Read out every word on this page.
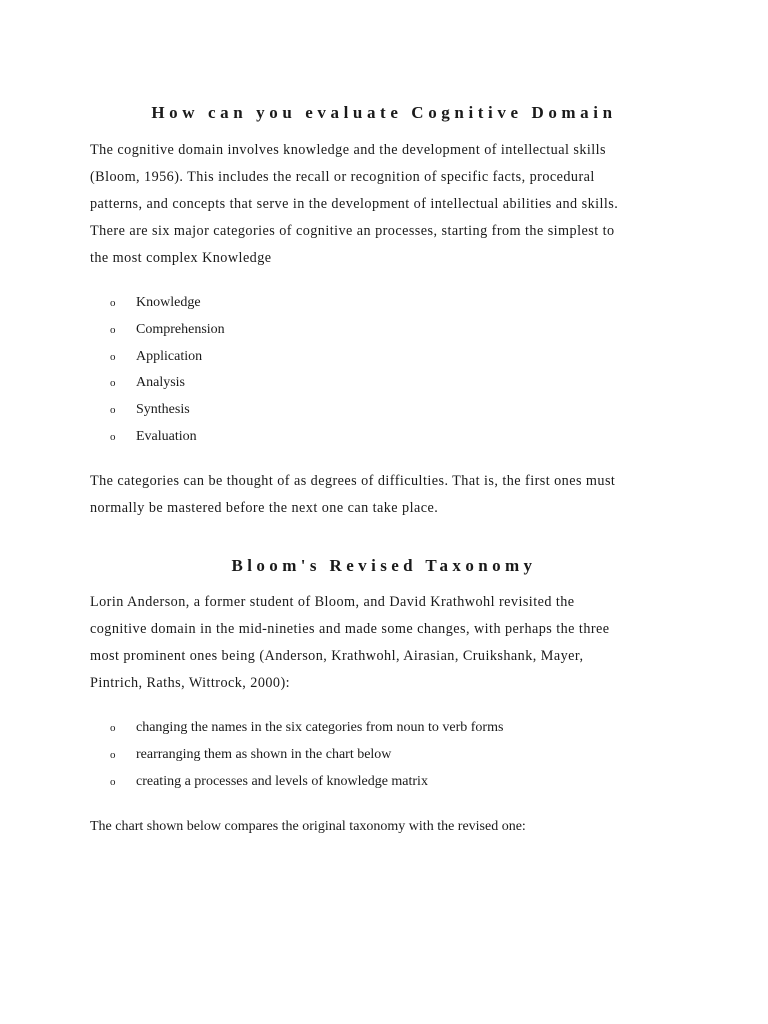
How can you evaluate Cognitive Domain
The cognitive domain involves knowledge and the development of intellectual skills
(Bloom, 1956). This includes the recall or recognition of specific facts, procedural
patterns, and concepts that serve in the development of intellectual abilities and skills.
There are six major categories of cognitive an processes, starting from the simplest to
the most complex Knowledge
o Knowledge
o Comprehension
o Application
o Analysis
o Synthesis
o Evaluation
The categories can be thought of as degrees of difficulties. That is, the first ones must
normally be mastered before the next one can take place.
Bloom's Revised Taxonomy
Lorin Anderson, a former student of Bloom, and David Krathwohl revisited the
cognitive domain in the mid-nineties and made some changes, with perhaps the three
most prominent ones being (Anderson, Krathwohl, Airasian, Cruikshank, Mayer,
Pintrich, Raths, Wittrock, 2000):
o changing the names in the six categories from noun to verb forms
o rearranging them as shown in the chart below
o creating a processes and levels of knowledge matrix
The chart shown below compares the original taxonomy with the revised one:
